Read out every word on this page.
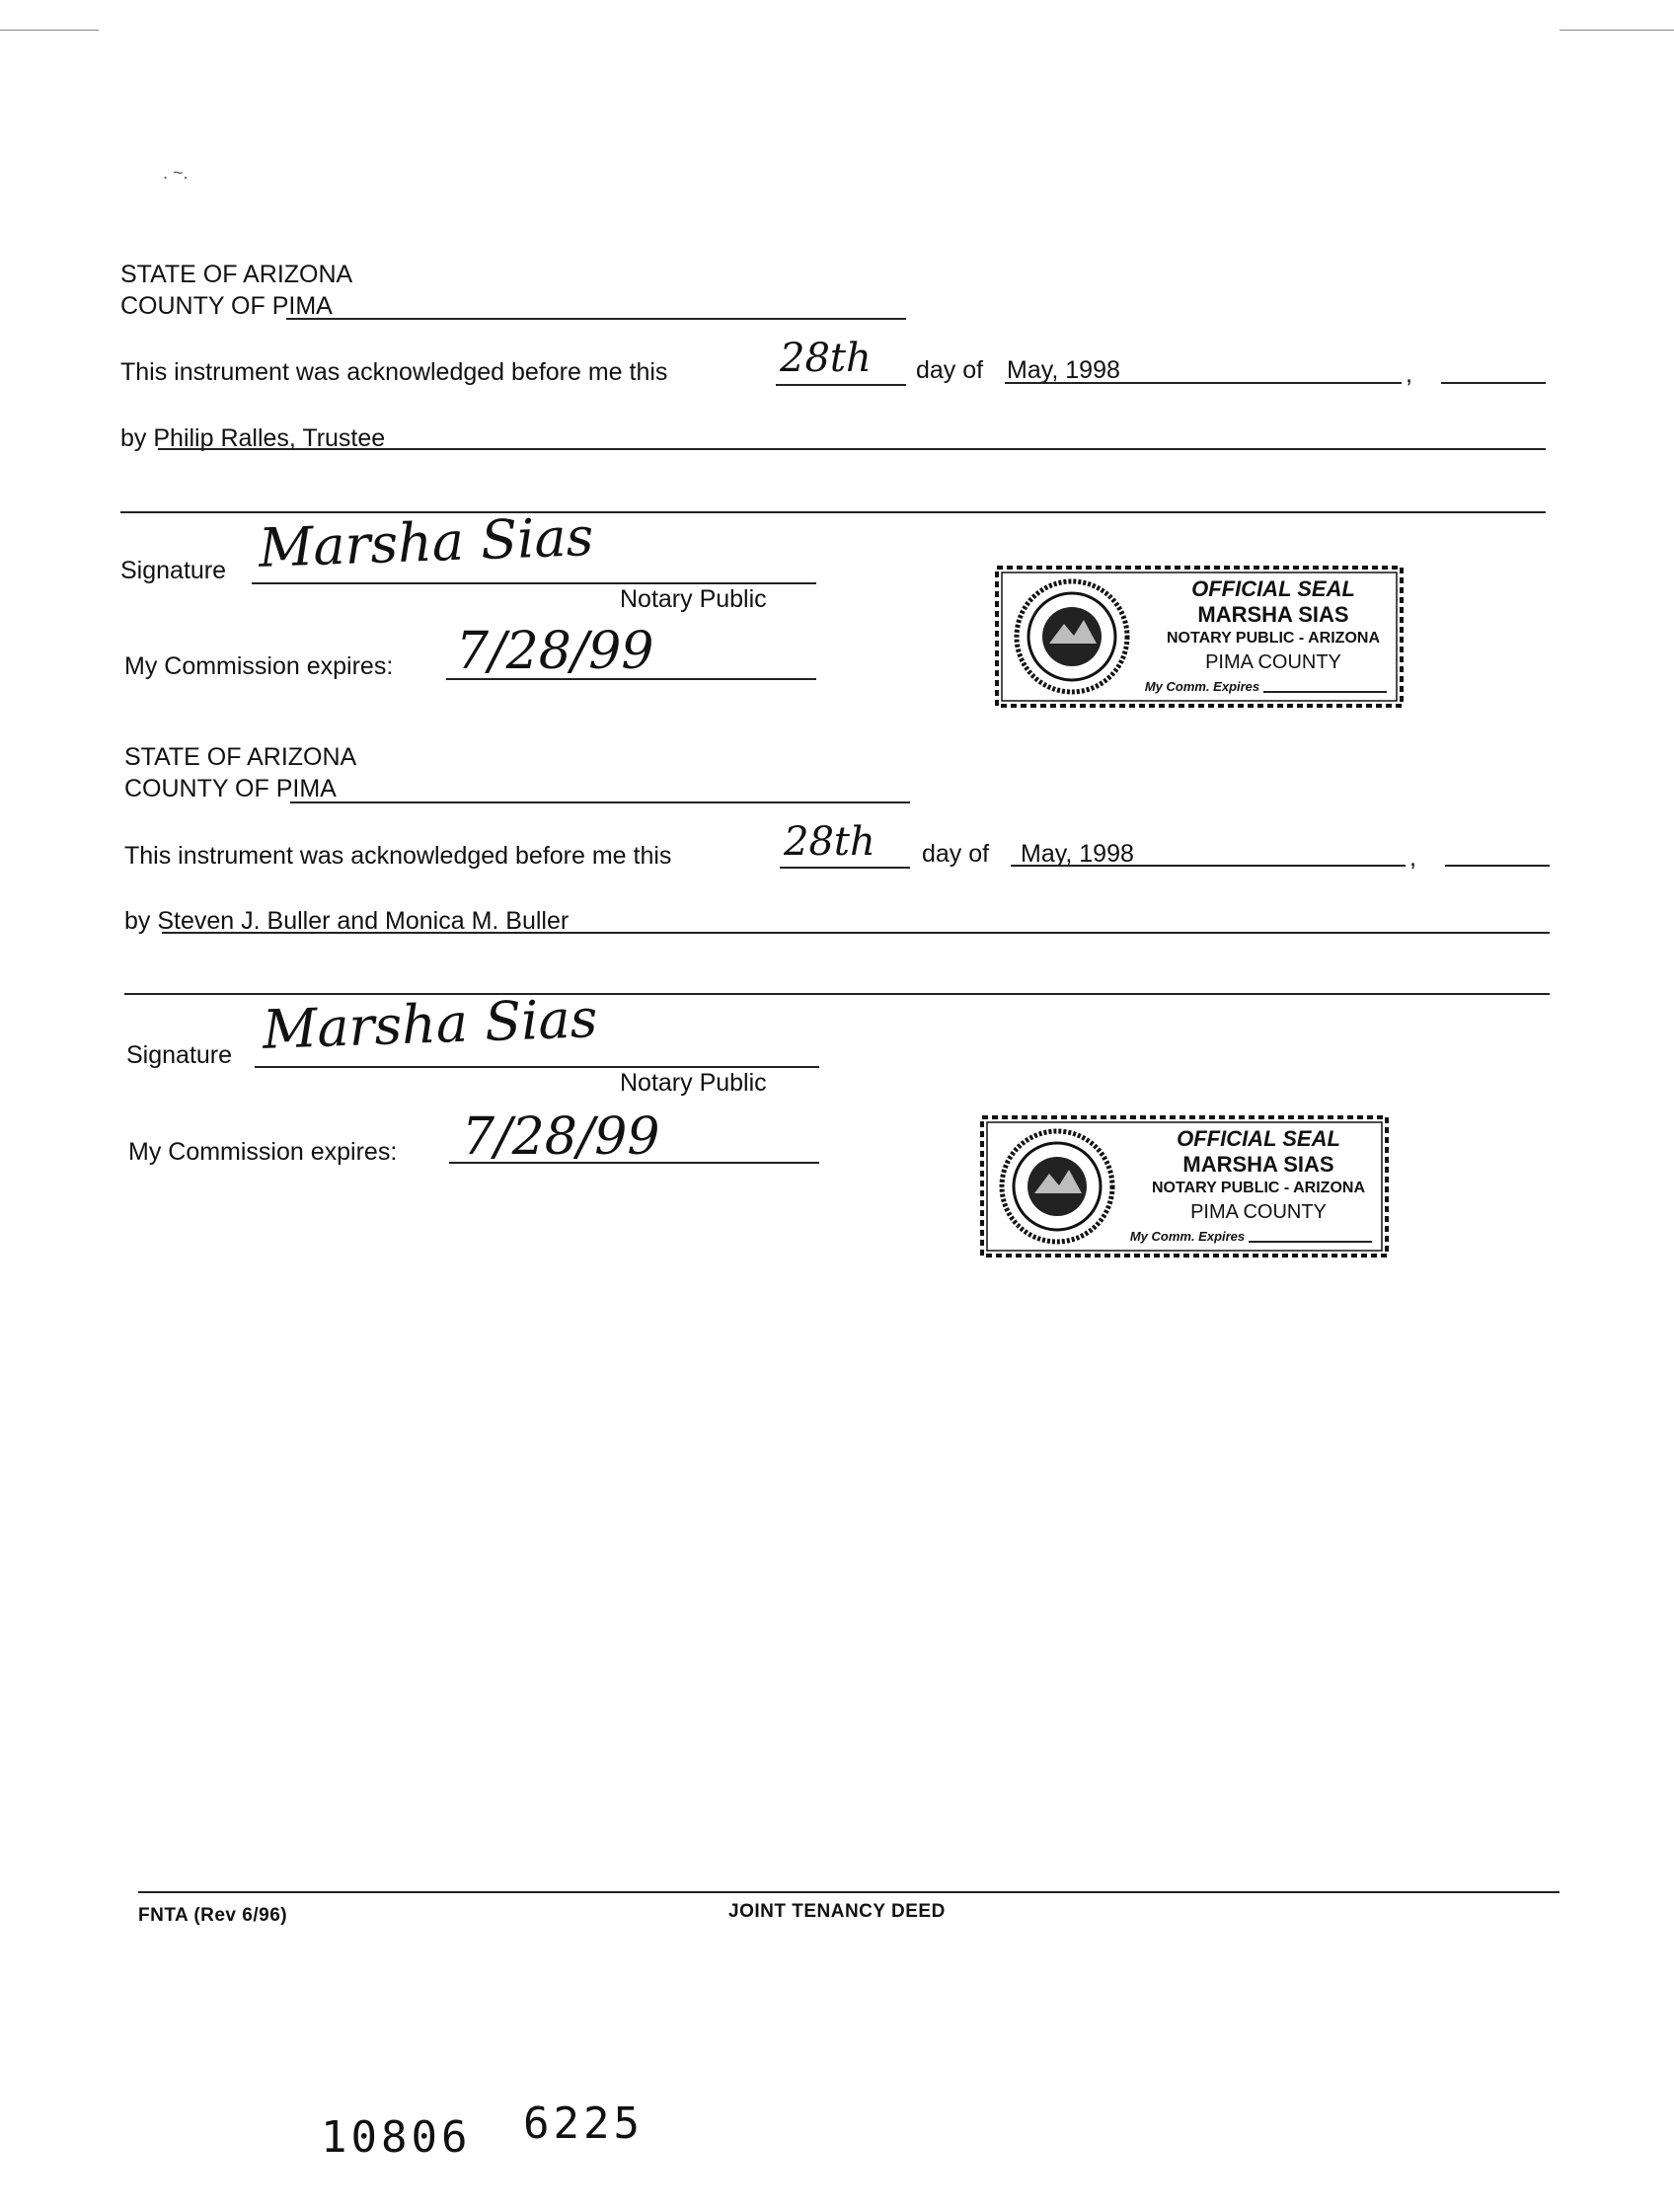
. ~.
STATE OF ARIZONA
COUNTY OF PIMA
This instrument was acknowledged before me this	28th day of May, 1998	,
by Philip Ralles, Trustee
Signature Marsha Sias
Notary Public
My Commission expires: 7/28/99
OFFICIAL SEAL
MARSHA SIAS
NOTARY PUBLIC - ARIZONA
PIMA COUNTY
My Comm. Expires
STATE OF ARIZONA
COUNTY OF PIMA
This instrument was acknowledged before me this	28th day of May, 1998	,
by Steven J. Buller and Monica M. Buller
Signature Marsha Sias
Notary Public
My Commission expires: 7/28/99	OFFICIAL SEAL
MARSHA SIAS
NOTARY PUBLIC - ARIZONA
PIMA COUNTY
My Comm. Expires
FNTA (Rev 6/96)	JOINT TENANCY DEED
10806 6225
